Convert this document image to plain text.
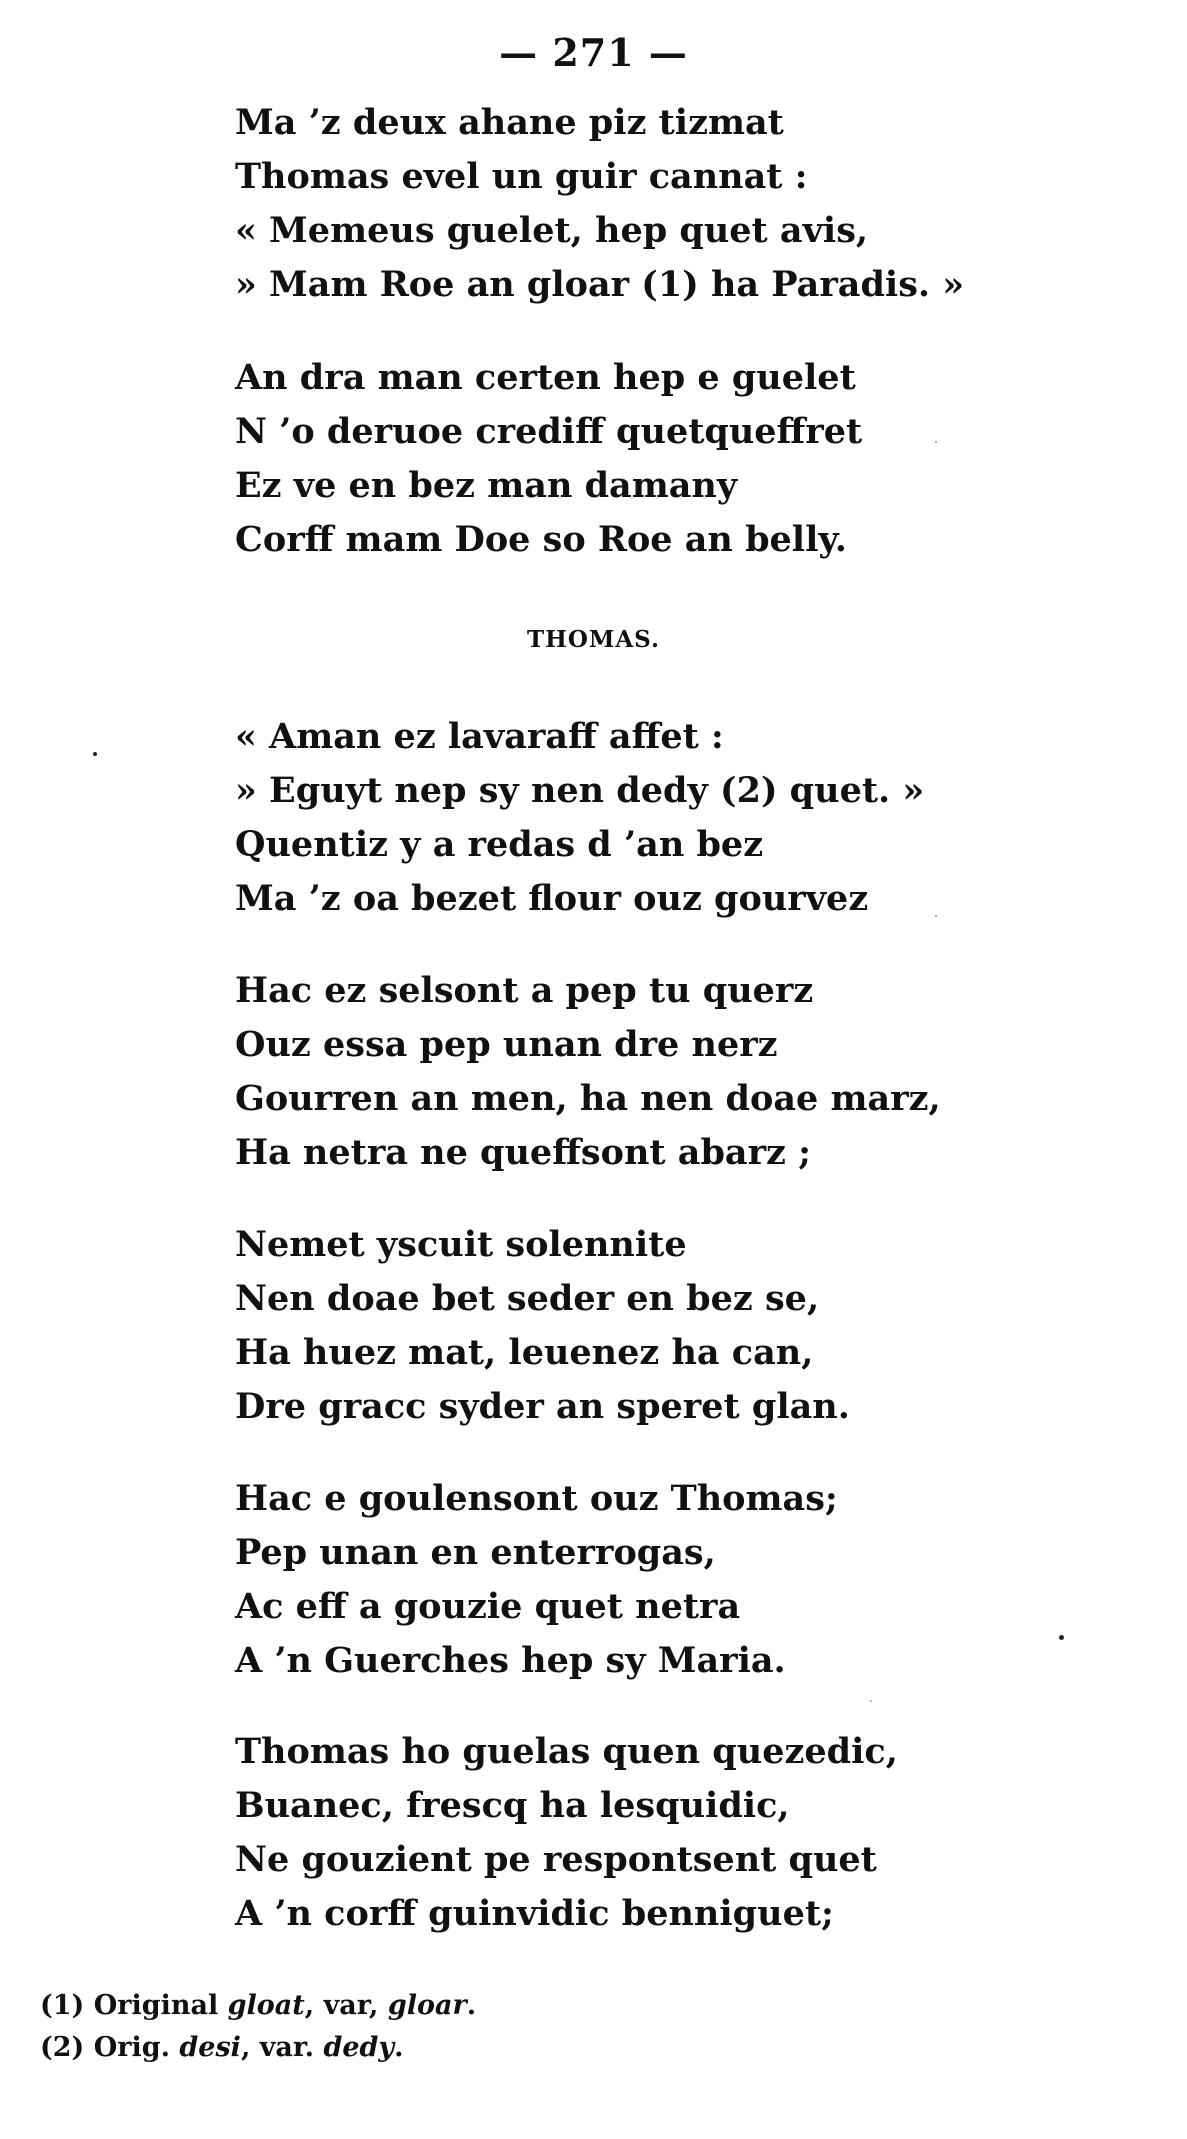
— 271 —
Ma ’z deux ahane piz tizmat
Thomas evel un guir cannat :
« Memeus guelet, hep quet avis,
» Mam Roe an gloar (1) ha Paradis. »
An dra man certen hep e guelet
N ’o deruoe crediff quetqueffret
Ez ve en bez man damany
Corff mam Doe so Roe an belly.
THOMAS.
« Aman ez lavaraff affet :
» Eguyt nep sy nen dedy (2) quet. »
Quentiz y a redas d ’an bez
Ma ’z oa bezet flour ouz gourvez
Hac ez selsont a pep tu querz
Ouz essa pep unan dre nerz
Gourren an men, ha nen doae marz,
Ha netra ne queffsont abarz ;
Nemet yscuit solennite
Nen doae bet seder en bez se,
Ha huez mat, leuenez ha can,
Dre gracc syder an speret glan.
Hac e goulensont ouz Thomas;
Pep unan en enterrogas,
Ac eff a gouzie quet netra
A ’n Guerches hep sy Maria.
Thomas ho guelas quen quezedic,
Buanec, frescq ha lesquidic,
Ne gouzient pe respontsent quet
A ’n corff guinvidic benniguet;
(1) Original gloat, var, gloar.
(2) Orig. desi, var. dedy.
